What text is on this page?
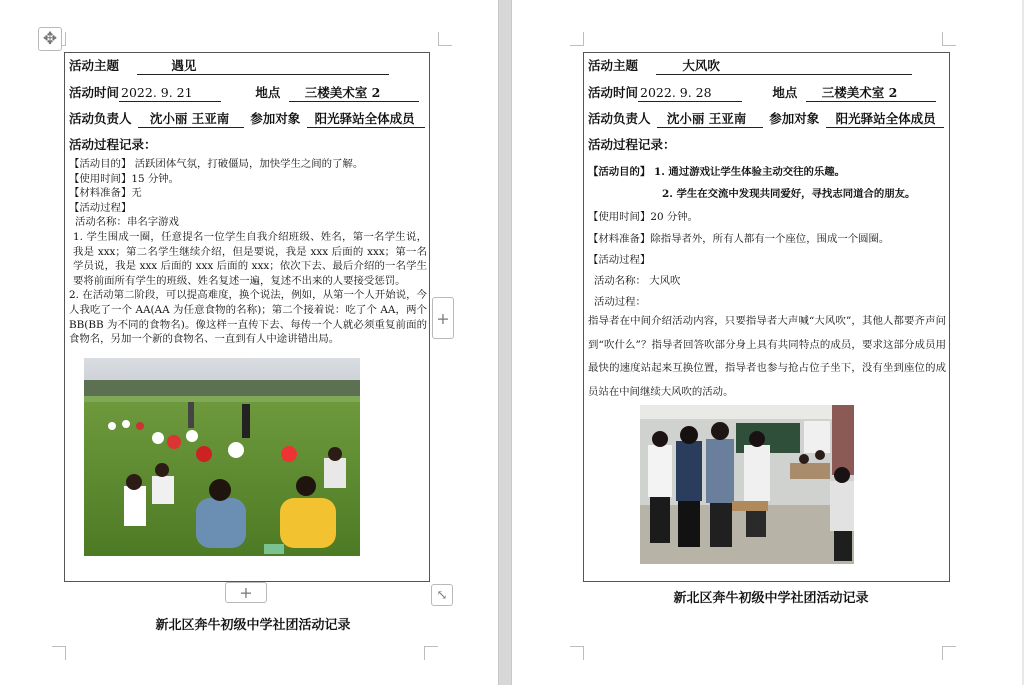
✥
活动主题	遇见
活动时间 2022. 9. 21	地点 三楼美术室 2
活动负责人 沈小丽 王亚南 参加对象 阳光驿站全体成员
活动过程记录：

【活动目的】 活跃团体气氛，打破僵局，加快学生之间的了解。

【使用时间】15 分钟。

【材料准备】无

【活动过程】

活动名称：串名字游戏

1. 学生围成一圈，任意提名一位学生自我介绍班级、姓名，第一名学生说，我是 xxx；第二名学生继续介绍，但是要说，我是 xxx 后面的 xxx；第一名学员说，我是 xxx 后面的 xxx 后面的 xxx；依次下去、最后介绍的一名学生要将前面所有学生的班级、姓名复述一遍，复述不出来的人要接受惩罚。

2. 在活动第二阶段，可以提高难度，换个说法，例如，从第一个人开始说，今人我吃了一个 AA(AA 为任意食物的名称)；第二个接着说：吃了个 AA，两个 BB(BB 为不同的食物名)。像这样一直传下去、每传一个人就必须重复前面的食物名，另加一个新的食物名、一直到有人中途讲错出局。

+
+	⤡
新北区奔牛初级中学社团活动记录
活动主题	大风吹
活动时间 2022. 9. 28	地点 三楼美术室 2
活动负责人 沈小丽 王亚南 参加对象 阳光驿站全体成员
活动过程记录：

【活动目的】 1. 通过游戏让学生体验主动交往的乐趣。

2. 学生在交流中发现共同爱好，寻找志同道合的朋友。

【使用时间】20 分钟。

【材料准备】除指导者外，所有人都有一个座位，围成一个圆圈。

【活动过程】

活动名称： 大风吹

活动过程：

指导者在中间介绍活动内容，只要指导者大声喊“大风吹”，其他人都要齐声问到“吹什么”？指导者回答吹部分身上具有共同特点的成员，要求这部分成员用最快的速度站起来互换位置，指导者也参与抢占位子坐下，没有坐到座位的成员站在中间继续大风吹的活动。

新北区奔牛初级中学社团活动记录
